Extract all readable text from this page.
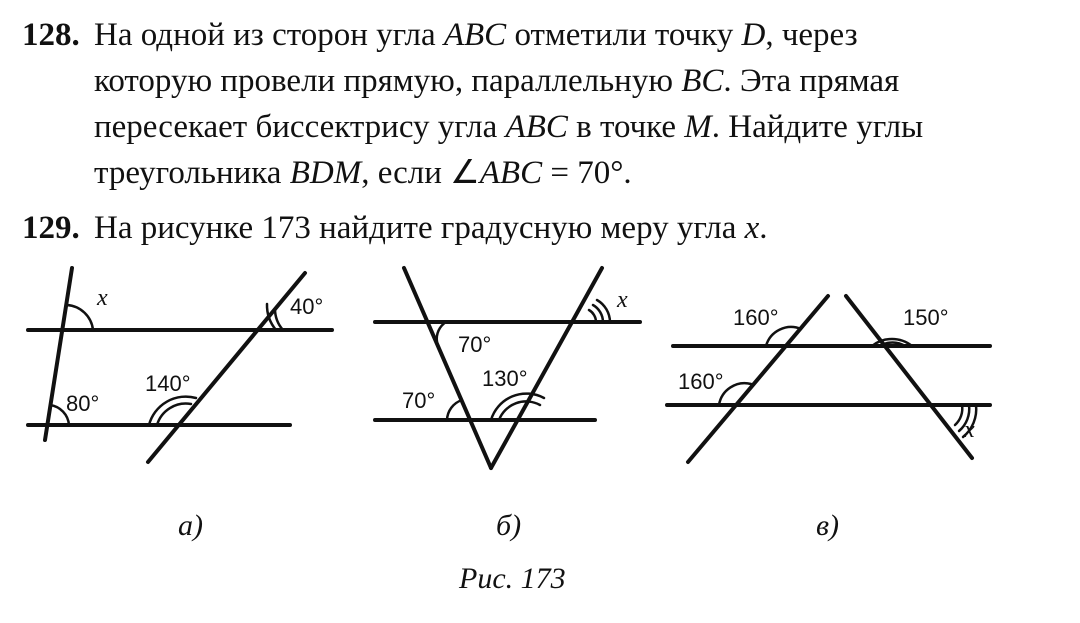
128. На одной из сторон угла ABC отметили точку D, через
которую провели прямую, параллельную BC. Эта прямая
пересекает биссектрису угла ABC в точке M. Найдите углы
треугольника BDM, если ∠ABC = 70°.
129. На рисунке 173 найдите градусную меру угла x.
x	40°
140°
80°
x
70°
70°
130°
160°	150°
160°
x
а)	б)	в)
Рис. 173
